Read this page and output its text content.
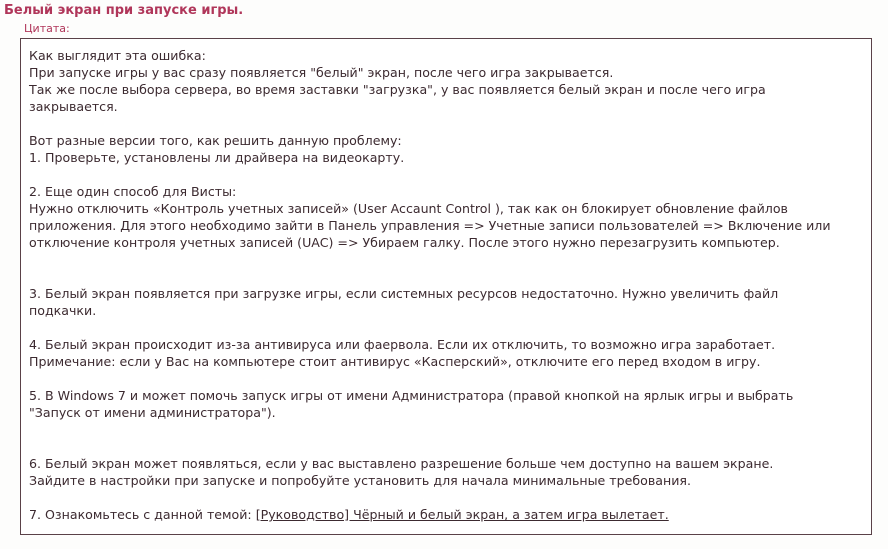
Белый экран при запуске игры.
Цитата:
Как выглядит эта ошибка:
При запуске игры у вас сразу появляется "белый" экран, после чего игра закрывается.
Так же после выбора сервера, во время заставки "загрузка", у вас появляется белый экран и после чего игра
закрывается.
Вот разные версии того, как решить данную проблему:
1. Проверьте, установлены ли драйвера на видеокарту.
2. Еще один способ для Висты:
Нужно отключить «Контроль учетных записей» (User Accaunt Control ), так как он блокирует обновление файлов
приложения. Для этого необходимо зайти в Панель управления => Учетные записи пользователей => Включение или
отключение контроля учетных записей (UAC) => Убираем галку. После этого нужно перезагрузить компьютер.
3. Белый экран появляется при загрузке игры, если системных ресурсов недостаточно. Нужно увеличить файл
подкачки.
4. Белый экран происходит из-за антивируса или фаервола. Если их отключить, то возможно игра заработает.
Примечание: если у Вас на компьютере стоит антивирус «Касперский», отключите его перед входом в игру.
5. В Windows 7 и может помочь запуск игры от имени Администратора (правой кнопкой на ярлык игры и выбрать
"Запуск от имени администратора").
6. Белый экран может появляться, если у вас выставлено разрешение больше чем доступно на вашем экране.
Зайдите в настройки при запуске и попробуйте установить для начала минимальные требования.
7. Ознакомьтесь с данной темой: [Руководство] Чёрный и белый экран, а затем игра вылетает.
